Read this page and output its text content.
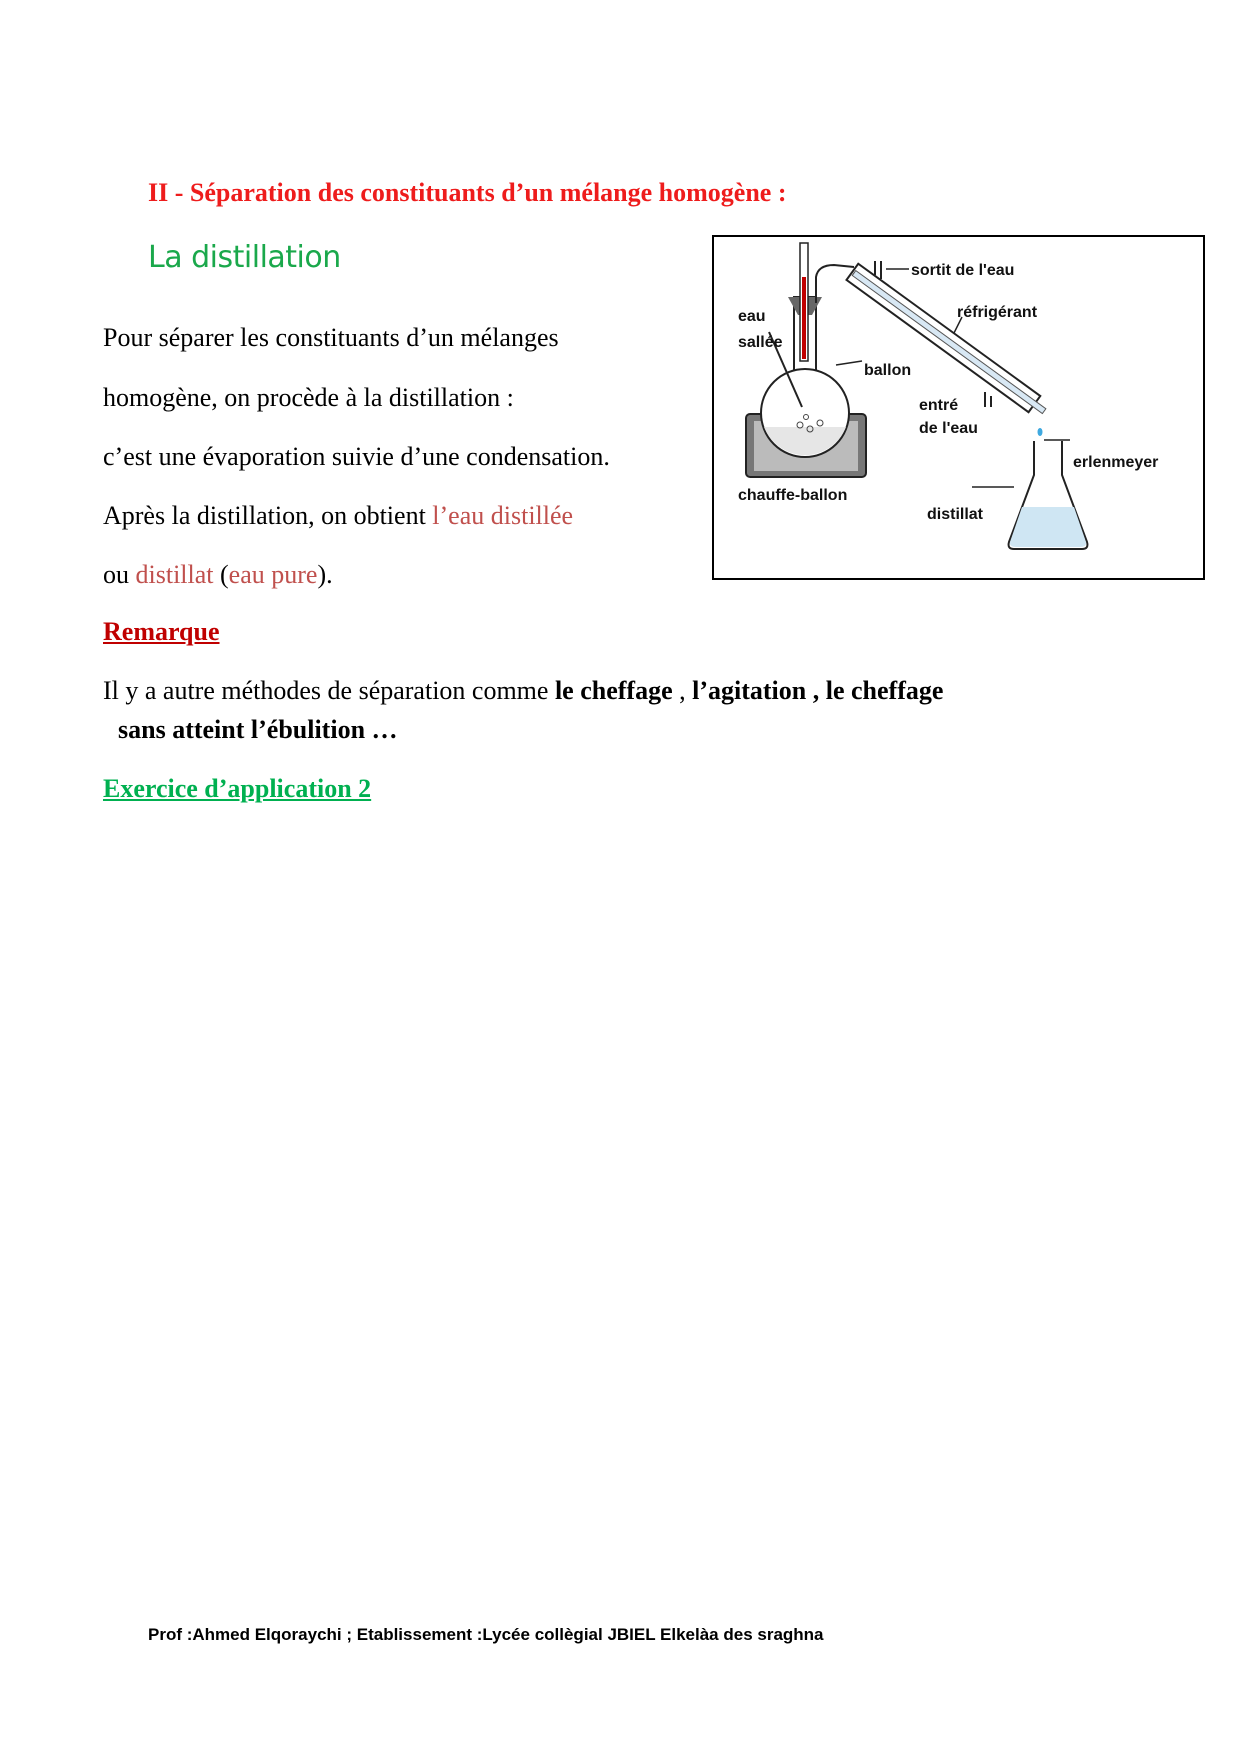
II - Séparation des constituants d’un mélange homogène :
La distillation
Pour séparer les constituants d’un mélanges
homogène, on procède à la distillation :
c’est une évaporation suivie d’une condensation.
Après la distillation, on obtient l’eau distillée
ou distillat (eau pure).
Remarque
Il y a autre méthodes de séparation comme le cheffage , l’agitation , le cheffage
sans atteint l’ébulition …
Exercice d’application 2
sortit de l'eau
réfrigérant
eau
sallée
ballon
entré
de l'eau
erlenmeyer
chauffe-ballon
distillat
Prof :Ahmed Elqoraychi ; Etablissement :Lycée collègial JBIEL Elkelàa des sraghna
